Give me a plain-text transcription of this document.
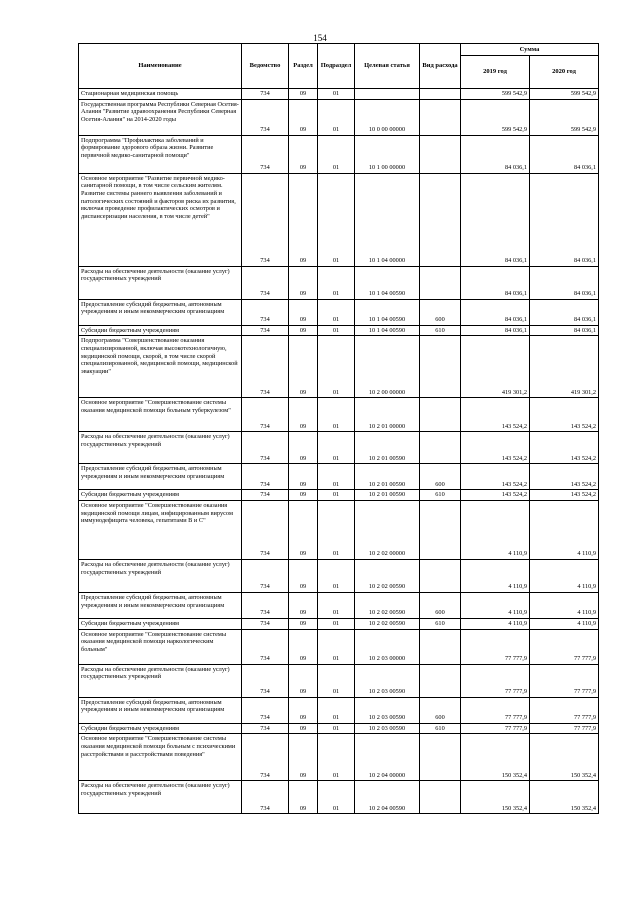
154
Наименование	Ведомство	Раздел	Подраздел	Целевая статья	Вид расхода	Сумма	
						2019 год	2020 год
Стационарная медицинская помощь	734	09	01			599 542,9	599 542,9
Государственная программа Республики Северная Осетия-Алания "Развитие здравоохранения Республики Северная Осетия-Алания" на 2014-2020 годы	734	09	01	10 0 00 00000		599 542,9	599 542,9
Подпрограмма "Профилактика заболеваний и формирование здорового образа жизни. Развитие первичной медико-санитарной помощи"	734	09	01	10 1 00 00000		84 036,1	84 036,1
Основное мероприятие "Развитие первичной медико-санитарной помощи, в том числе сельским жителям. Развитие системы раннего выявления заболеваний и патологических состояний и факторов риска их развития, включая проведение профилактических осмотров и диспансеризации населения, в том числе детей"	734	09	01	10 1 04 00000		84 036,1	84 036,1
Расходы на обеспечение деятельности (оказание услуг) государственных учреждений	734	09	01	10 1 04 00590		84 036,1	84 036,1
Предоставление субсидий бюджетным, автономным учреждениям и иным некоммерческим организациям	734	09	01	10 1 04 00590	600	84 036,1	84 036,1
Субсидии бюджетным учреждениям	734	09	01	10 1 04 00590	610	84 036,1	84 036,1
Подпрограмма "Совершенствование оказания специализированной, включая высокотехнологичную, медицинской помощи, скорой, в том числе скорой специализированной, медицинской помощи, медицинской эвакуации"	734	09	01	10 2 00 00000		419 301,2	419 301,2
Основное мероприятие "Совершенствование системы оказания медицинской помощи больным туберкулезом"	734	09	01	10 2 01 00000		143 524,2	143 524,2
Расходы на обеспечение деятельности (оказание услуг) государственных учреждений	734	09	01	10 2 01 00590		143 524,2	143 524,2
Предоставление субсидий бюджетным, автономным учреждениям и иным некоммерческим организациям	734	09	01	10 2 01 00590	600	143 524,2	143 524,2
Субсидии бюджетным учреждениям	734	09	01	10 2 01 00590	610	143 524,2	143 524,2
Основное мероприятие "Совершенствование оказания медицинской помощи лицам, инфицированным вирусом иммунодефицита человека, гепатитами В и С"	734	09	01	10 2 02 00000		4 110,9	4 110,9
Расходы на обеспечение деятельности (оказание услуг) государственных учреждений	734	09	01	10 2 02 00590		4 110,9	4 110,9
Предоставление субсидий бюджетным, автономным учреждениям и иным некоммерческим организациям	734	09	01	10 2 02 00590	600	4 110,9	4 110,9
Субсидии бюджетным учреждениям	734	09	01	10 2 02 00590	610	4 110,9	4 110,9
Основное мероприятие "Совершенствование системы оказания медицинской помощи наркологическим больным"	734	09	01	10 2 03 00000		77 777,9	77 777,9
Расходы на обеспечение деятельности (оказание услуг) государственных учреждений	734	09	01	10 2 03 00590		77 777,9	77 777,9
Предоставление субсидий бюджетным, автономным учреждениям и иным некоммерческим организациям	734	09	01	10 2 03 00590	600	77 777,9	77 777,9
Субсидии бюджетным учреждениям	734	09	01	10 2 03 00590	610	77 777,9	77 777,9
Основное мероприятие "Совершенствование системы оказания медицинской помощи больным с психическими расстройствами и расстройствами поведения"	734	09	01	10 2 04 00000		150 352,4	150 352,4
Расходы на обеспечение деятельности (оказание услуг) государственных учреждений	734	09	01	10 2 04 00590		150 352,4	150 352,4
